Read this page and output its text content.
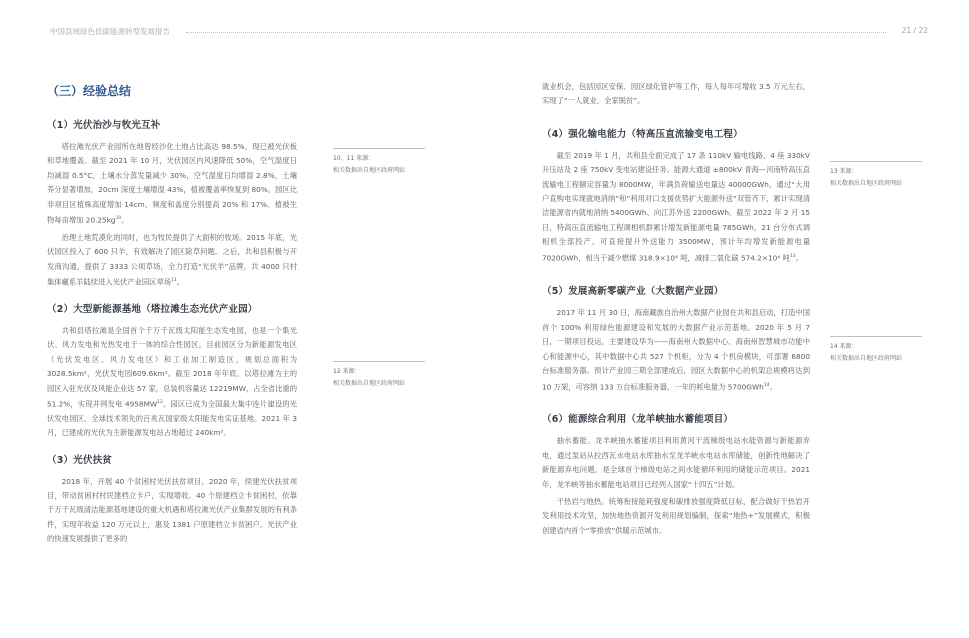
中国县域绿色低碳能源转型发展报告	21 / 22
（三）经验总结
（1）光伏治沙与牧光互补

塔拉滩光伏产业园所在地曾经沙化土地占比高达 98.5%，现已被光伏板和草地覆盖。截至 2021 年 10 月，光伏园区内风速降低 50%，空气湿度日均减湿 0.5°C，土壤水分蒸发量减少 30%，空气湿度日均增湿 2.8%，土壤养分显著增加，20cm 深度土壤增湿 43%，植被覆盖率恢复到 80%。园区比非项目区植株高度增加 14cm，频度和盖度分别提高 20% 和 17%。植被生物每亩增加 $20.25kg^{10}$。

治理土地荒漠化的同时，也为牧民提供了大面积的牧场。2015 年底，光伏园区投入了 600 只羊，有效解决了园区除草问题。之后，共和县积极与开发商沟通，提供了 3333 公顷草场，全力打造“光伏羊”品牌，共 4000 只村集体藏系羊陆续进入光伏产业园区草场$^{11}$。

（2）大型新能源基地（塔拉滩生态光伏产业园）

共和县塔拉滩是全国首个千万千瓦级太阳能生态发电园，也是一个集光伏、风力发电和光热发电于一体的综合性园区。目前园区分为新能源发电区（光伏发电区、风力发电区）和工业加工制造区，规划总面积为3028.5km²，光伏发电园609.6km²。截至 2018 年年底，以塔拉滩为主的园区入驻光伏及风能企业达 57 家，总装机容量达 12219MW，占全省比重的 51.2%，实现并网发电 4958MW$^{12}$。园区已成为全国最大集中连片建设的光伏发电园区、全球技术领先的百兆瓦国家级太阳能发电实证基地。2021 年 3 月，已建成的光伏为主新能源发电站占地超过 240km²。

（3）光伏扶贫

2018 年，开展 40 个贫困村光伏扶贫项目，2020 年，续建光伏扶贫项目，带动贫困村村民建档立卡户，实现增收。40 个原建档立卡贫困村，依靠千万千瓦级清洁能源基地建设的重大机遇和塔拉滩光伏产业集群发展的有利条件，实现年收益 120 万元以上，惠及 1381 户原建档立卡贫困户。光伏产业的快速发展提供了更多的

10、11 来源：
相关数据出自地区政府网站
12 来源：
相关数据出自地区政府网站

就业机会，包括园区安保、园区绿化管护等工作，每人每年可增收 3.5 万元左右，实现了“一人就业，全家脱贫”。

（4）强化输电能力（特高压直流输变电工程）

截至 2019 年 1 月，共和县全面完成了 17 条 110kV 输电线路、4 座 330kV 升压站及 2 座 750kV 变电站建设任务。能源大通道 ±800kV 青海—河南特高压直流输电工程额定容量为 8000MW，年满负荷输送电量达 40000GWh，通过“大用户直购电实现就地消纳”和“利用对口支援优势扩大能源外送”双管齐下，累计实现清洁能源省内就地消纳 5400GWh、向江苏外送 2200GWh。截至 2022 年 2 月 15 日，特高压直流输电工程调相机群累计增发新能源电量 785GWh，21 台分布式调相机全部投产，可直接提升外送能力 3500MW，预计年均增发新能源电量 7020GWh，相当于减少燃煤 318.9×10⁴ 吨，减排二氧化碳 574.2×10⁴ 吨$^{13}$。

（5）发展高新零碳产业（大数据产业园）

2017 年 11 月 30 日，海南藏族自治州大数据产业园在共和县启动，打造中国首个 100% 利用绿色能源建设和发展的大数据产业示范基地。2020 年 5 月 7 日，一期项目投运，主要建设华为——海南州大数据中心、海南州智慧城市功能中心和能源中心，其中数据中心共 527 个机柜，分为 4 个机房模块，可部署 6800 台标准服务器。预计产业园三期全部建成后，园区大数据中心的机架总规模将达到 10 万架，可容纳 133 万台标准服务器，一年的耗电量为 5700GWh$^{14}$。

（6）能源综合利用（龙羊峡抽水蓄能项目）

抽水蓄能。龙羊峡抽水蓄能项目利用黄河干流梯级电站水能资源与新能源弃电，通过泵站从拉西瓦水电站水库抽水至龙羊峡水电站水库储能，创新性地解决了新能源弃电问题，是全球首个梯级电站之间水能循环利用的储能示范项目。2021 年，龙羊峡等抽水蓄能电站项目已经列入国家“十四五”计划。

干热岩与地热。统筹衔接能耗强度和碳排放强度降低目标，配合做好干热岩开发利用技术攻坚，加快地热资源开发利用规划编制，探索“地热+”发展模式，积极创建省内首个“零排放”供暖示范城市。

13 来源：
相关数据出自地区政府网站
14 来源：
相关数据出自地区政府网站
